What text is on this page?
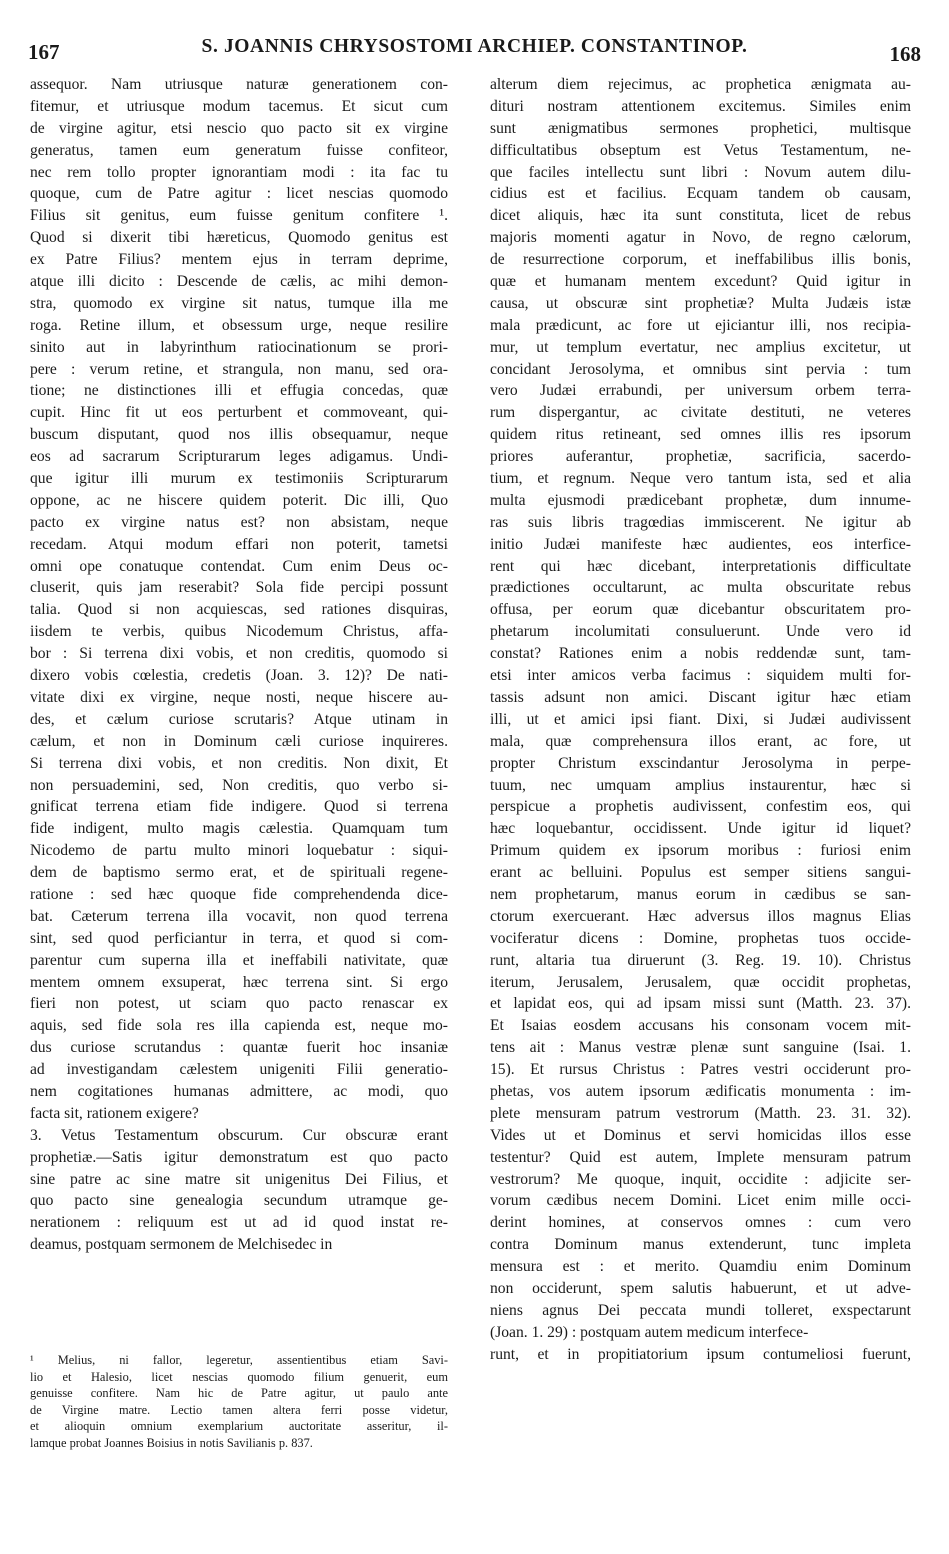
167	S. JOANNIS CHRYSOSTOMI ARCHIEP. CONSTANTINOP.	168
assequor. Nam utriusque naturæ generationem con-
fitemur, et utriusque modum tacemus. Et sicut cum
de virgine agitur, etsi nescio quo pacto sit ex virgine
generatus, tamen eum generatum fuisse confiteor,
nec rem tollo propter ignorantiam modi : ita fac tu
quoque, cum de Patre agitur : licet nescias quomodo
Filius sit genitus, eum fuisse genitum confitere ¹.
Quod si dixerit tibi hæreticus, Quomodo genitus est
ex Patre Filius? mentem ejus in terram deprime,
atque illi dicito : Descende de cælis, ac mihi demon-
stra, quomodo ex virgine sit natus, tumque illa me
roga. Retine illum, et obsessum urge, neque resilire
sinito aut in labyrinthum ratiocinationum se prori-
pere : verum retine, et strangula, non manu, sed ora-
tione; ne distinctiones illi et effugia concedas, quæ
cupit. Hinc fit ut eos perturbent et commoveant, qui-
buscum disputant, quod nos illis obsequamur, neque
eos ad sacrarum Scripturarum leges adigamus. Undi-
que igitur illi murum ex testimoniis Scripturarum
oppone, ac ne hiscere quidem poterit. Dic illi, Quo
pacto ex virgine natus est? non absistam, neque
recedam. Atqui modum effari non poterit, tametsi
omni ope conatuque contendat. Cum enim Deus oc-
cluserit, quis jam reserabit? Sola fide percipi possunt
talia. Quod si non acquiescas, sed rationes disquiras,
iisdem te verbis, quibus Nicodemum Christus, affa-
bor : Si terrena dixi vobis, et non creditis, quomodo si
dixero vobis cœlestia, credetis (Joan. 3. 12)? De nati-
vitate dixi ex virgine, neque nosti, neque hiscere au-
des, et cælum curiose scrutaris? Atque utinam in
cælum, et non in Dominum cæli curiose inquireres.
Si terrena dixi vobis, et non creditis. Non dixit, Et
non persuademini, sed, Non creditis, quo verbo si-
gnificat terrena etiam fide indigere. Quod si terrena
fide indigent, multo magis cælestia. Quamquam tum
Nicodemo de partu multo minori loquebatur : siqui-
dem de baptismo sermo erat, et de spirituali regene-
ratione : sed hæc quoque fide comprehendenda dice-
bat. Cæterum terrena illa vocavit, non quod terrena
sint, sed quod perficiantur in terra, et quod si com-
parentur cum superna illa et ineffabili nativitate, quæ
mentem omnem exsuperat, hæc terrena sint. Si ergo
fieri non potest, ut sciam quo pacto renascar ex
aquis, sed fide sola res illa capienda est, neque mo-
dus curiose scrutandus : quantæ fuerit hoc insaniæ
ad investigandam cælestem unigeniti Filii generatio-
nem cogitationes humanas admittere, ac modi, quo
facta sit, rationem exigere?
3. Vetus Testamentum obscurum. Cur obscuræ erant
prophetiæ.—Satis igitur demonstratum est quo pacto
sine patre ac sine matre sit unigenitus Dei Filius, et
quo pacto sine genealogia secundum utramque ge-
nerationem : reliquum est ut ad id quod instat re-
deamus, postquam sermonem de Melchisedec in
alterum diem rejecimus, ac prophetica ænigmata au-
dituri nostram attentionem excitemus. Similes enim
sunt ænigmatibus sermones prophetici, multisque
difficultatibus obseptum est Vetus Testamentum, ne-
que faciles intellectu sunt libri : Novum autem dilu-
cidius est et facilius. Ecquam tandem ob causam,
dicet aliquis, hæc ita sunt constituta, licet de rebus
majoris momenti agatur in Novo, de regno cælorum,
de resurrectione corporum, et ineffabilibus illis bonis,
quæ et humanam mentem excedunt? Quid igitur in
causa, ut obscuræ sint prophetiæ? Multa Judæis istæ
mala prædicunt, ac fore ut ejiciantur illi, nos recipia-
mur, ut templum evertatur, nec amplius excitetur, ut
concidant Jerosolyma, et omnibus sint pervia : tum
vero Judæi errabundi, per universum orbem terra-
rum dispergantur, ac civitate destituti, ne veteres
quidem ritus retineant, sed omnes illis res ipsorum
priores auferantur, prophetiæ, sacrificia, sacerdo-
tium, et regnum. Neque vero tantum ista, sed et alia
multa ejusmodi prædicebant prophetæ, dum innume-
ras suis libris tragœdias immiscerent. Ne igitur ab
initio Judæi manifeste hæc audientes, eos interfice-
rent qui hæc dicebant, interpretationis difficultate
prædictiones occultarunt, ac multa obscuritate rebus
offusa, per eorum quæ dicebantur obscuritatem pro-
phetarum incolumitati consuluerunt. Unde vero id
constat? Rationes enim a nobis reddendæ sunt, tam-
etsi inter amicos verba facimus : siquidem multi for-
tassis adsunt non amici. Discant igitur hæc etiam
illi, ut et amici ipsi fiant. Dixi, si Judæi audivissent
mala, quæ comprehensura illos erant, ac fore, ut
propter Christum exscindantur Jerosolyma in perpe-
tuum, nec umquam amplius instaurentur, hæc si
perspicue a prophetis audivissent, confestim eos, qui
hæc loquebantur, occidissent. Unde igitur id liquet?
Primum quidem ex ipsorum moribus : furiosi enim
erant ac belluini. Populus est semper sitiens sangui-
nem prophetarum, manus eorum in cædibus se san-
ctorum exercuerant. Hæc adversus illos magnus Elias
vociferatur dicens : Domine, prophetas tuos occide-
runt, altaria tua diruerunt (3. Reg. 19. 10). Christus
iterum, Jerusalem, Jerusalem, quæ occidit prophetas,
et lapidat eos, qui ad ipsam missi sunt (Matth. 23. 37).
Et Isaias eosdem accusans his consonam vocem mit-
tens ait : Manus vestræ plenæ sunt sanguine (Isai. 1.
15). Et rursus Christus : Patres vestri occiderunt pro-
phetas, vos autem ipsorum ædificatis monumenta : im-
plete mensuram patrum vestrorum (Matth. 23. 31. 32).
Vides ut et Dominus et servi homicidas illos esse
testentur? Quid est autem, Implete mensuram patrum
vestrorum? Me quoque, inquit, occidite : adjicite ser-
vorum cædibus necem Domini. Licet enim mille occi-
derint homines, at conservos omnes : cum vero
contra Dominum manus extenderunt, tunc impleta
mensura est : et merito. Quamdiu enim Dominum
non occiderunt, spem salutis habuerunt, et ut adve-
niens agnus Dei peccata mundi tolleret, exspectarunt
(Joan. 1. 29) : postquam autem medicum interfece-
runt, et in propitiatorium ipsum contumeliosi fuerunt,
¹ Melius, ni fallor, legeretur, assentientibus etiam Savi-
lio et Halesio, licet nescias quomodo filium genuerit, eum
genuisse confitere. Nam hic de Patre agitur, ut paulo ante
de Virgine matre. Lectio tamen altera ferri posse videtur,
et alioquin omnium exemplarium auctoritate asseritur, il-
lamque probat Joannes Boisius in notis Savilianis p. 837.
